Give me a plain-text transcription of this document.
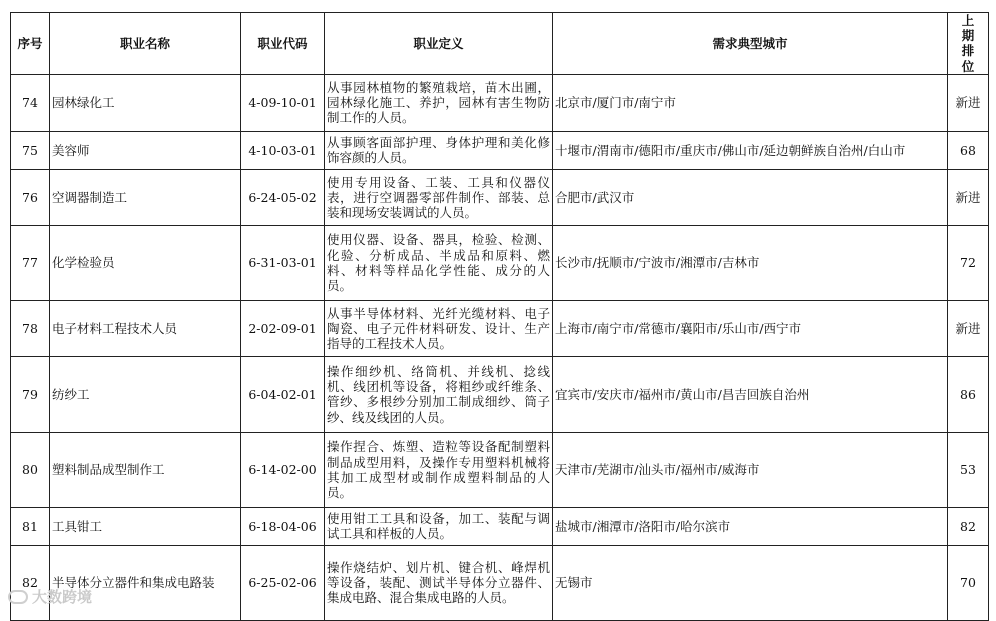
序号	职业名称	职业代码	职业定义	需求典型城市	上期排位
74	园林绿化工	4-09-10-01	从事园林植物的繁殖栽培，苗木出圃，园林绿化施工、养护，园林有害生物防制工作的人员。	北京市/厦门市/南宁市	新进
75	美容师	4-10-03-01	从事顾客面部护理、身体护理和美化修饰容颜的人员。	十堰市/渭南市/德阳市/重庆市/佛山市/延边朝鲜族自治州/白山市	68
76	空调器制造工	6-24-05-02	使用专用设备、工装、工具和仪器仪表，进行空调器零部件制作、部装、总装和现场安装调试的人员。	合肥市/武汉市	新进
77	化学检验员	6-31-03-01	使用仪器、设备、器具，检验、检测、化验、分析成品、半成品和原料、燃料、材料等样品化学性能、成分的人员。	长沙市/抚顺市/宁波市/湘潭市/吉林市	72
78	电子材料工程技术人员	2-02-09-01	从事半导体材料、光纤光缆材料、电子陶瓷、电子元件材料研发、设计、生产指导的工程技术人员。	上海市/南宁市/常德市/襄阳市/乐山市/西宁市	新进
79	纺纱工	6-04-02-01	操作细纱机、络筒机、并线机、捻线机、线团机等设备，将粗纱或纤维条、管纱、多根纱分别加工制成细纱、筒子纱、线及线团的人员。	宜宾市/安庆市/福州市/黄山市/昌吉回族自治州	86
80	塑料制品成型制作工	6-14-02-00	操作捏合、炼塑、造粒等设备配制塑料制品成型用料，及操作专用塑料机械将其加工成型材或制作成塑料制品的人员。	天津市/芜湖市/汕头市/福州市/威海市	53
81	工具钳工	6-18-04-06	使用钳工工具和设备，加工、装配与调试工具和样板的人员。	盐城市/湘潭市/洛阳市/哈尔滨市	82
82	半导体分立器件和集成电路装	6-25-02-06	操作烧结炉、划片机、键合机、峰焊机等设备，装配、测试半导体分立器件、集成电路、混合集成电路的人员。	无锡市	70
大数跨境
